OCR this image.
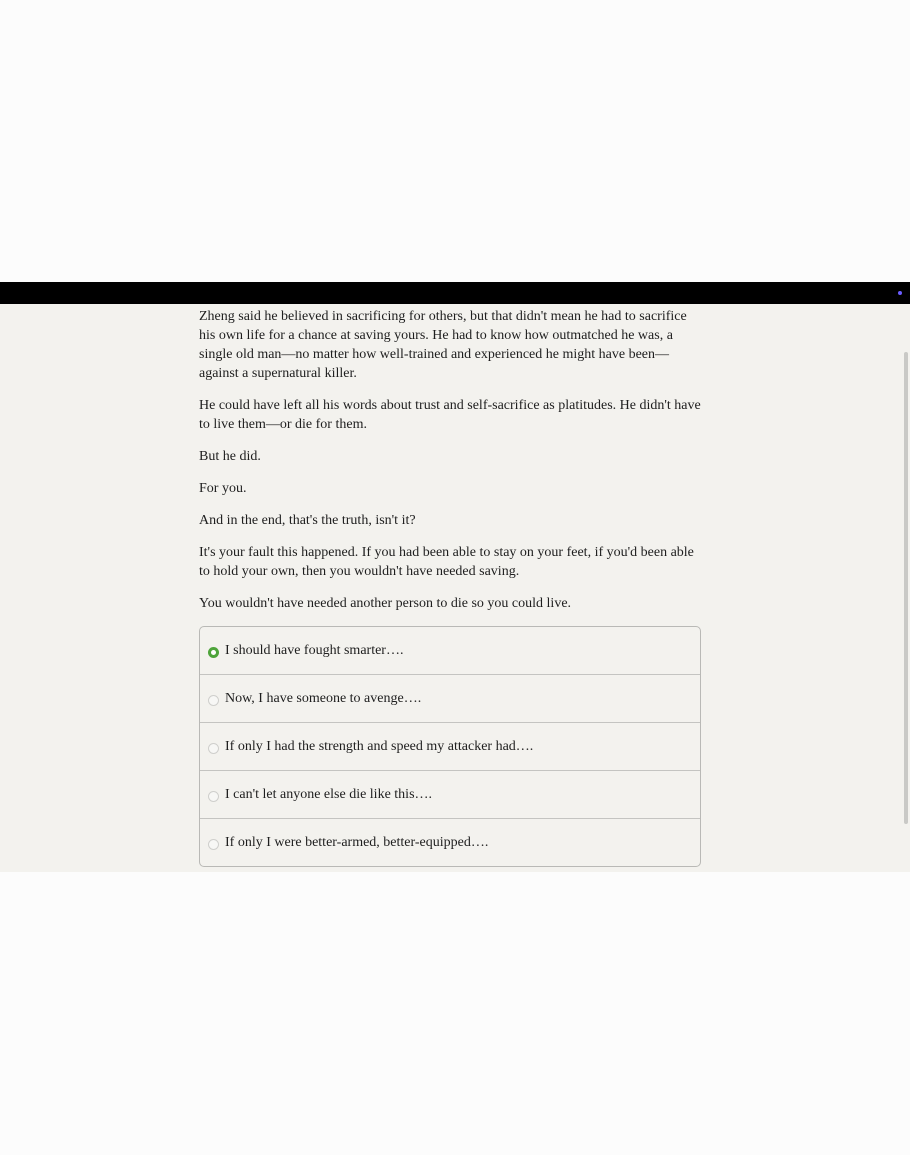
Zheng said he believed in sacrificing for others, but that didn't mean he had to sacrifice his own life for a chance at saving yours. He had to know how outmatched he was, a single old man—no matter how well-trained and experienced he might have been—against a supernatural killer.

He could have left all his words about trust and self-sacrifice as platitudes. He didn't have to live them—or die for them.

But he did.

For you.

And in the end, that's the truth, isn't it?

It's your fault this happened. If you had been able to stay on your feet, if you'd been able to hold your own, then you wouldn't have needed saving.

You wouldn't have needed another person to die so you could live.

I should have fought smarter….
Now, I have someone to avenge….
If only I had the strength and speed my attacker had….
I can't let anyone else die like this….
If only I were better-armed, better-equipped….
